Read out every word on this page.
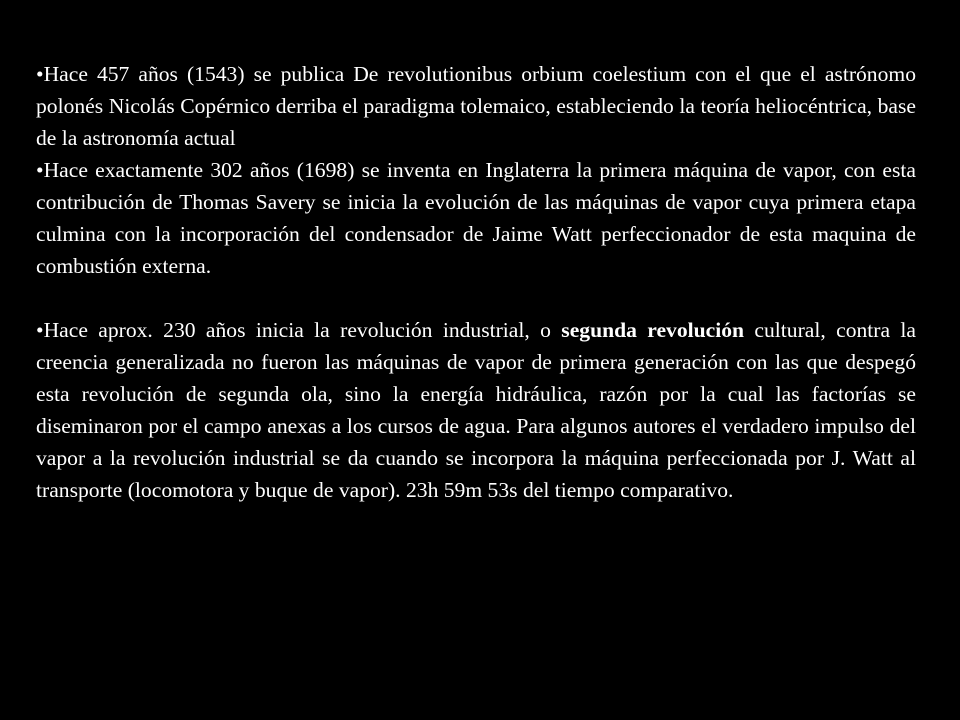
•Hace 457 años (1543) se publica De revolutionibus orbium coelestium con el que el astrónomo polonés Nicolás Copérnico derriba el paradigma tolemaico, estableciendo la teoría heliocéntrica, base de la astronomía actual

•Hace exactamente 302 años (1698) se inventa en Inglaterra la primera máquina de vapor, con esta contribución de Thomas Savery se inicia la evolución de las máquinas de vapor cuya primera etapa culmina con la incorporación del condensador de Jaime Watt perfeccionador de esta maquina de combustión externa.

•Hace aprox. 230 años inicia la revolución industrial, o segunda revolución cultural, contra la creencia generalizada no fueron las máquinas de vapor de primera generación con las que despegó esta revolución de segunda ola, sino la energía hidráulica, razón por la cual las factorías se diseminaron por el campo anexas a los cursos de agua. Para algunos autores el verdadero impulso del vapor a la revolución industrial se da cuando se incorpora la máquina perfeccionada por J. Watt al transporte (locomotora y buque de vapor). 23h 59m 53s del tiempo comparativo.
